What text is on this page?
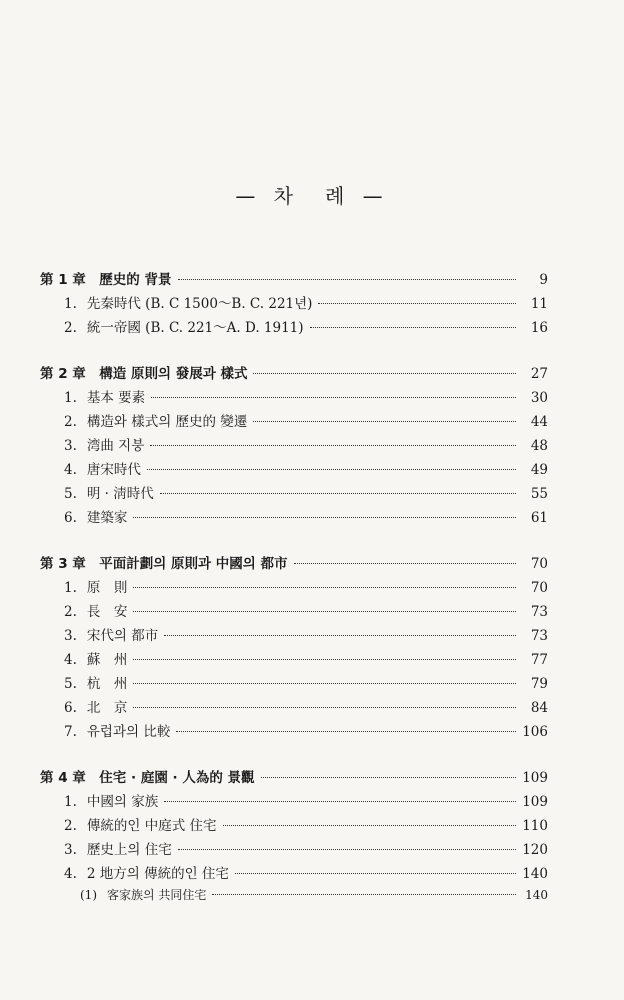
— 차　례 —
第 1 章　歷史的 背景	9
1. 先秦時代 (B. C 1500～B. C. 221년)	11
2. 統一帝國 (B. C. 221～A. D. 1911)	16
第 2 章　構造 原則의 發展과 樣式	27
1. 基本 要素	30
2. 構造와 樣式의 歷史的 變遷	44
3. 湾曲 지붕	48
4. 唐宋時代	49
5. 明 · 淸時代	55
6. 建築家	61
第 3 章　平面計劃의 原則과 中國의 都市	70
1. 原　則	70
2. 長　安	73
3. 宋代의 都市	73
4. 蘇　州	77
5. 杭　州	79
6. 北　京	84
7. 유럽과의 比較	106
第 4 章　住宅 · 庭園 · 人為的 景觀	109
1. 中國의 家族	109
2. 傳統的인 中庭式 住宅	110
3. 歷史上의 住宅	120
4. 2 地方의 傳統的인 住宅	140
(1) 客家族의 共同住宅	140
